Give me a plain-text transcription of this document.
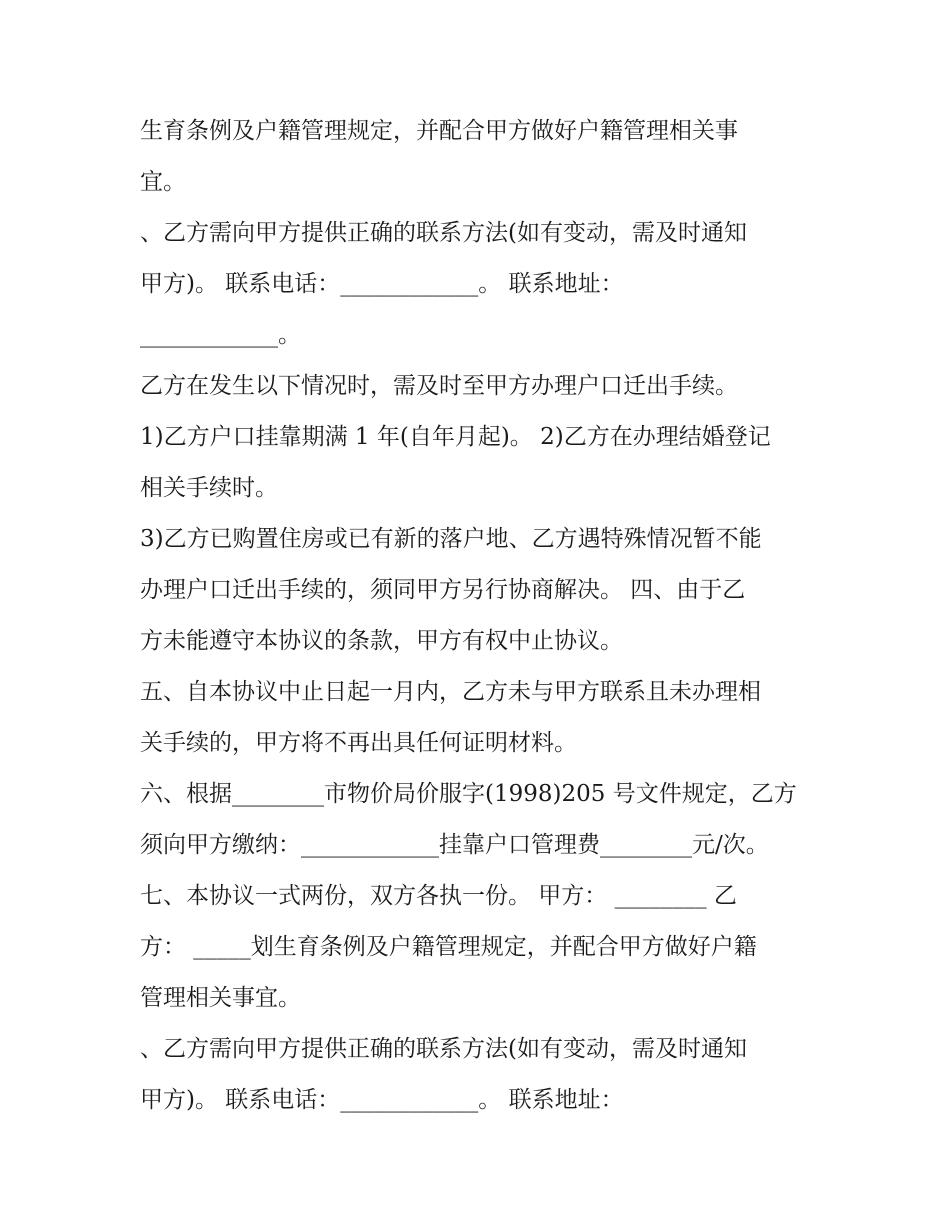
生育条例及户籍管理规定，并配合甲方做好户籍管理相关事
宜。
、乙方需向甲方提供正确的联系方法(如有变动，需及时通知
甲方)。 联系电话：____________。 联系地址：
____________。
乙方在发生以下情况时，需及时至甲方办理户口迁出手续。
1)乙方户口挂靠期满 1 年(自年月起)。 2)乙方在办理结婚登记
相关手续时。
3)乙方已购置住房或已有新的落户地、乙方遇特殊情况暂不能
办理户口迁出手续的，须同甲方另行协商解决。 四、由于乙
方未能遵守本协议的条款，甲方有权中止协议。
五、自本协议中止日起一月内，乙方未与甲方联系且未办理相
关手续的，甲方将不再出具任何证明材料。
六、根据________市物价局价服字(1998)205 号文件规定，乙方
须向甲方缴纳：____________挂靠户口管理费________元/次。
七、本协议一式两份，双方各执一份。 甲方： ________ 乙
方： _____划生育条例及户籍管理规定，并配合甲方做好户籍
管理相关事宜。
、乙方需向甲方提供正确的联系方法(如有变动，需及时通知
甲方)。 联系电话：____________。 联系地址：
